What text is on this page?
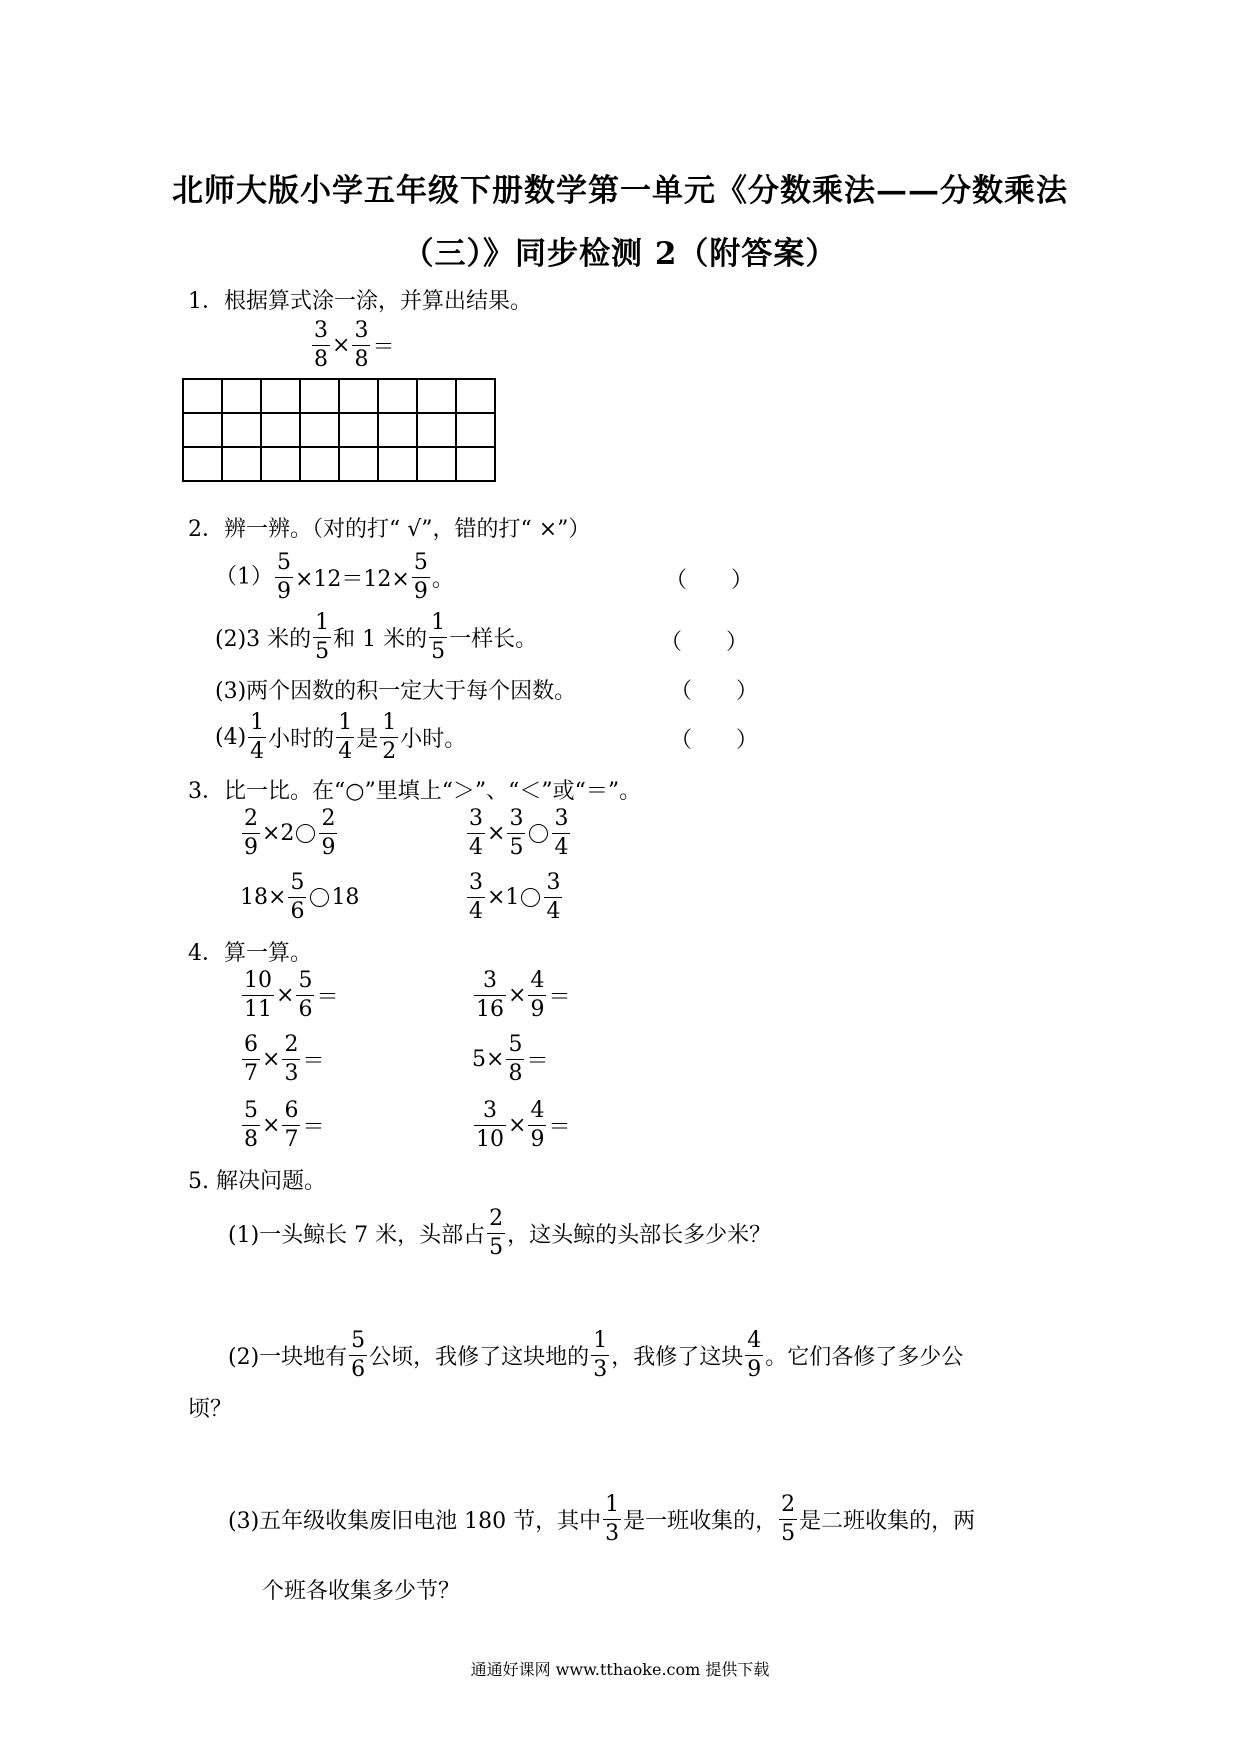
北师大版小学五年级下册数学第一单元《分数乘法——分数乘法
（三）》同步检测 2（附答案）
1．根据算式涂一涂，并算出结果。
$\frac{3}{8} \times \frac{3}{8}$ ＝

2．辨一辨。（对的打“ √”，错的打“ ×”）
$(1) \frac{5}{9} \times 12=12\times \frac{5}{9}$ 。	（　　）
(2)3 米的 $\frac{1}{5}$ 和 1 米的 $\frac{1}{5}$ 一样长。	（　　）
(3)两个因数的积一定大于每个因数。	（　　）
$(4) \frac{1}{4}$ 小时的 $\frac{1}{4}$ 是 $\frac{1}{2}$ 小时。	（　　）
3．比一比。在“○”里填上“＞”、“＜”或“＝”。
$\frac{2}{9} \times 2 \frac{2}{9}$	$\frac{3}{4} \times \frac{3}{5} \frac{3}{4}$
$18\times \frac{5}{6} 18$	$\frac{3}{4} \times 1 \frac{3}{4}$
4．算一算。
$\frac{10}{11} \times \frac{5}{6}$ ＝	$\frac{3}{16} \times \frac{4}{9}$ ＝
$\frac{6}{7} \times \frac{2}{3}$ ＝	$5\times \frac{5}{8}$ ＝
$\frac{5}{8} \times \frac{6}{7}$ ＝	$\frac{3}{10} \times \frac{4}{9}$ ＝
5. 解决问题。
(1)一头鲸长 7 米，头部占 $\frac{2}{5}$ ，这头鲸的头部长多少米？
(2)一块地有 $\frac{5}{6}$ 公顷，我修了这块地的 $\frac{1}{3}$ ，我修了这块 $\frac{4}{9}$ 。它们各修了多少公
顷？
(3)五年级收集废旧电池 180 节，其中 $\frac{1}{3}$ 是一班收集的， $\frac{2}{5}$ 是二班收集的，两
个班各收集多少节？
通通好课网 www.tthaoke.com 提供下载
